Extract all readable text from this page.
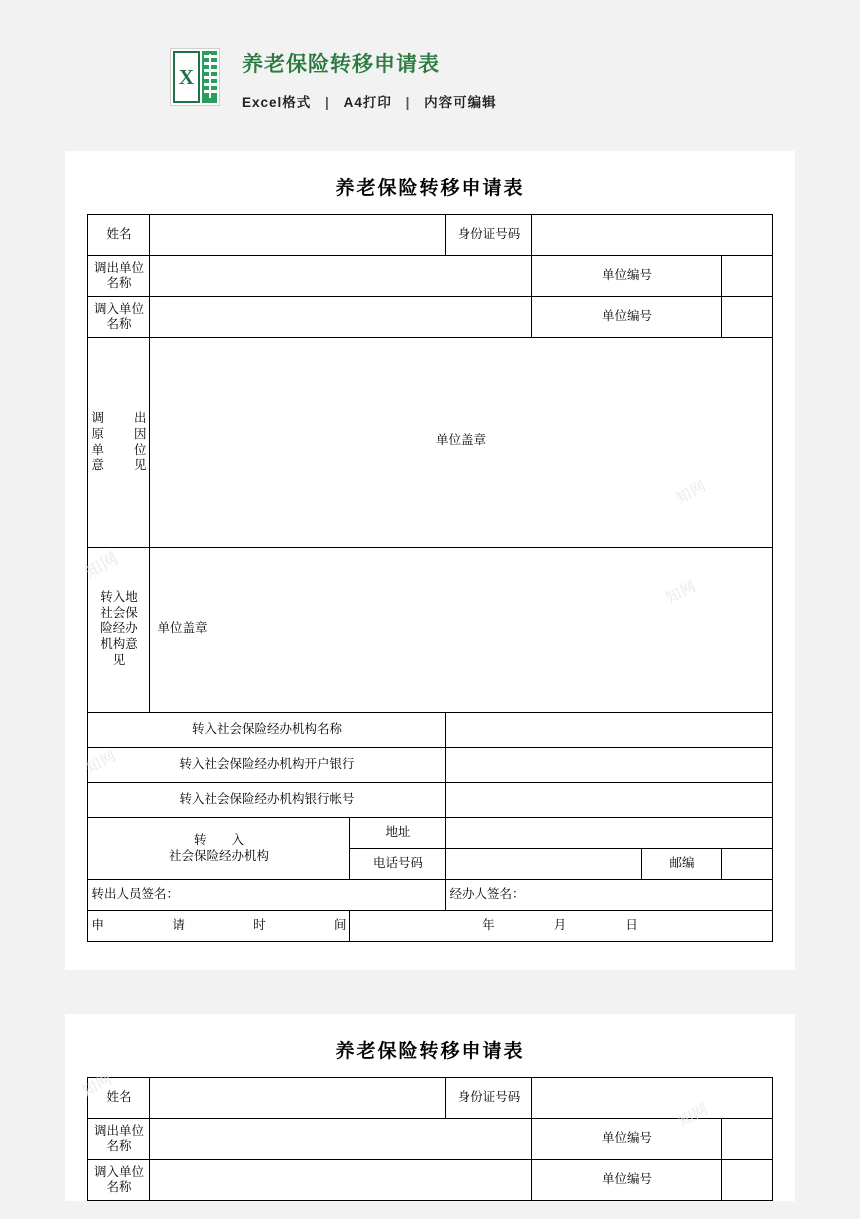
X 养老保险转移申请表
Excel格式 | A4打印 | 内容可编辑
知网
知网
知网
知网
养老保险转移申请表
姓名			身份证号码			
调出单位名称				单位编号		
调入单位名称				单位编号		

调 出
原 因
单 位
意 见	单位盖章					

转入地
社会保
险经办
机构意
见	单位盖章					

转入社会保险经办机构名称						
转入社会保险经办机构开户银行						
转入社会保险经办机构银行帐号						
转　　入
社会保险经办机构		地址				
		电话号码			邮编	
转出人员签名：			经办人签名：			

申请时间		年 月 日				
知网
知网
养老保险转移申请表
姓名		身份证号码		
调出单位名称			单位编号	
调入单位名称			单位编号	
